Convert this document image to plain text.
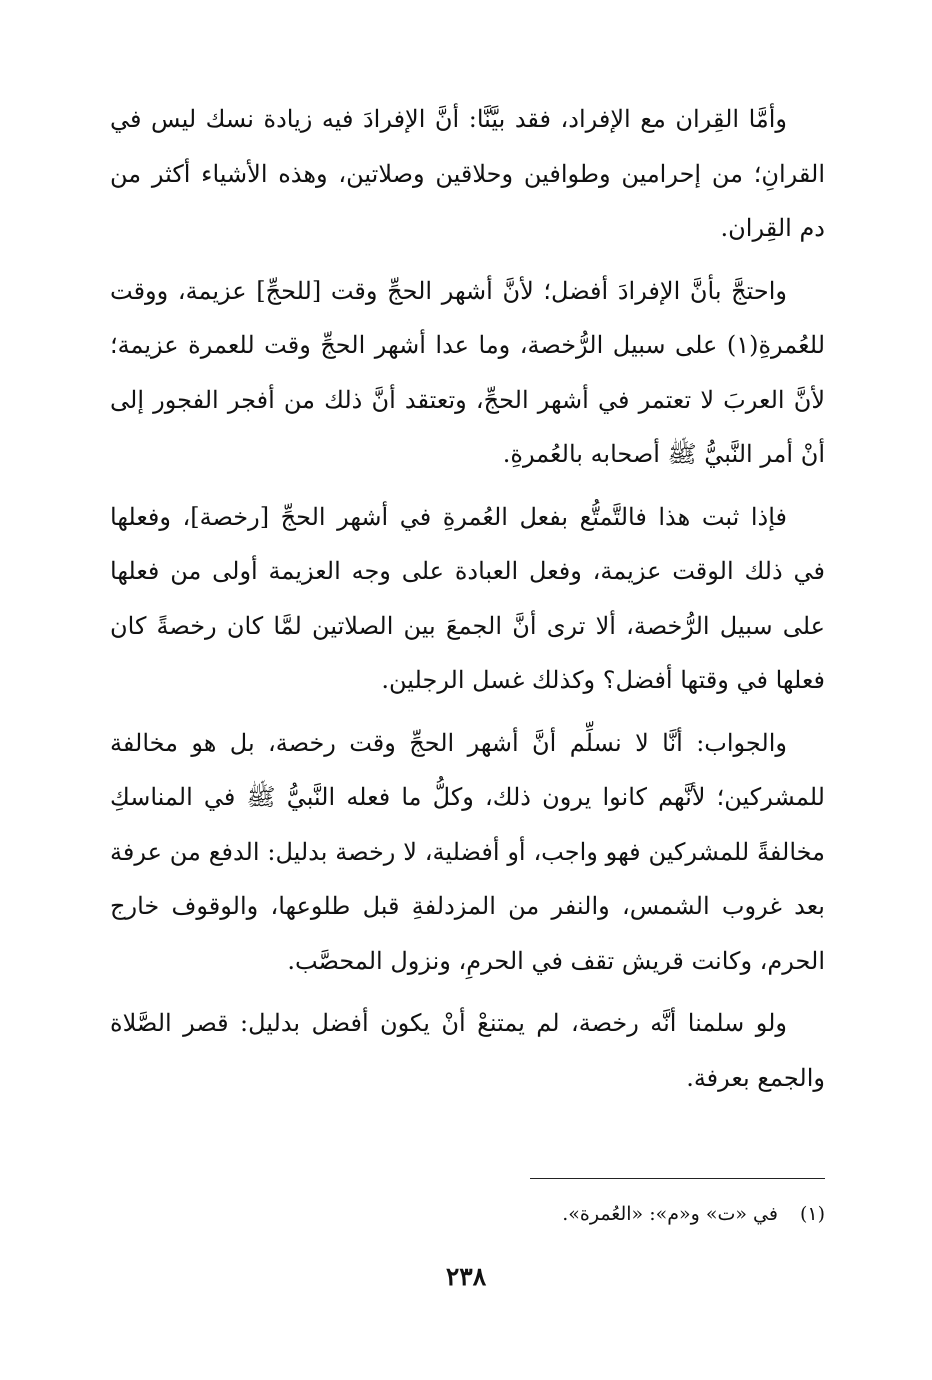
وأمَّا القِران مع الإفراد، فقد بيَّنَّا: أنَّ الإفرادَ فيه زيادة نسك ليس في القرانِ؛ من إحرامين وطوافين وحلاقين وصلاتين، وهذه الأشياء أكثر من دم القِران.

واحتجَّ بأنَّ الإفرادَ أفضل؛ لأنَّ أشهر الحجِّ وقت [للحجِّ] عزيمة، ووقت للعُمرةِ(١) على سبيل الرُّخصة، وما عدا أشهر الحجِّ وقت للعمرة عزيمة؛ لأنَّ العربَ لا تعتمر في أشهر الحجِّ، وتعتقد أنَّ ذلك من أفجر الفجور إلى أنْ أمر النَّبيُّ ﷺ أصحابه بالعُمرةِ.

فإذا ثبت هذا فالتَّمتُّع بفعل العُمرةِ في أشهر الحجِّ [رخصة]، وفعلها في ذلك الوقت عزيمة، وفعل العبادة على وجه العزيمة أولى من فعلها على سبيل الرُّخصة، ألا ترى أنَّ الجمعَ بين الصلاتين لمَّا كان رخصةً كان فعلها في وقتها أفضل؟ وكذلك غسل الرجلين.

والجواب: أنَّا لا نسلِّم أنَّ أشهر الحجِّ وقت رخصة، بل هو مخالفة للمشركين؛ لأنَّهم كانوا يرون ذلك، وكلُّ ما فعله النَّبيُّ ﷺ في المناسكِ مخالفةً للمشركين فهو واجب، أو أفضلية، لا رخصة بدليل: الدفع من عرفة بعد غروب الشمس، والنفر من المزدلفةِ قبل طلوعها، والوقوف خارج الحرم، وكانت قريش تقف في الحرمِ، ونزول المحصَّب.

ولو سلمنا أنَّه رخصة، لم يمتنعْ أنْ يكون أفضل بدليل: قصر الصَّلاة والجمع بعرفة.

(١)في «ت» و«م»: «العُمرة».
٢٣٨
